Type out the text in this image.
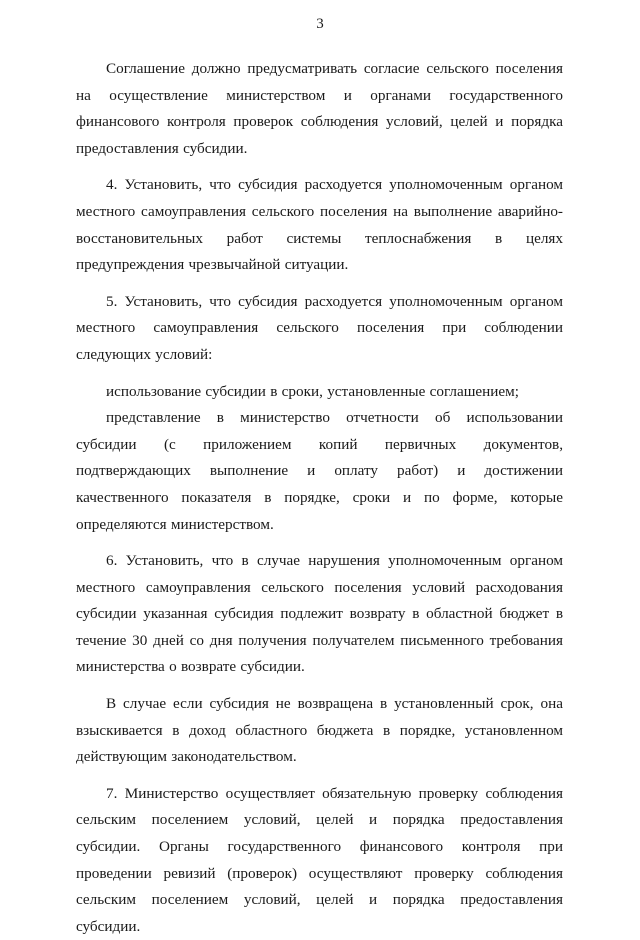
3

Соглашение должно предусматривать согласие сельского поселения на осуществление министерством и органами государственного финансового контроля проверок соблюдения условий, целей и порядка предоставления субсидии.

4. Установить, что субсидия расходуется уполномоченным органом местного самоуправления сельского поселения на выполнение аварийно-восстановительных работ системы теплоснабжения в целях предупреждения чрезвычайной ситуации.

5. Установить, что субсидия расходуется уполномоченным органом местного самоуправления сельского поселения при соблюдении следующих условий:

использование субсидии в сроки, установленные соглашением;

представление в министерство отчетности об использовании субсидии (с приложением копий первичных документов, подтверждающих выполнение и оплату работ) и достижении качественного показателя в порядке, сроки и по форме, которые определяются министерством.

6. Установить, что в случае нарушения уполномоченным органом местного самоуправления сельского поселения условий расходования субсидии указанная субсидия подлежит возврату в областной бюджет в течение 30 дней со дня получения получателем письменного требования министерства о возврате субсидии.

В случае если субсидия не возвращена в установленный срок, она взыскивается в доход областного бюджета в порядке, установленном действующим законодательством.

7. Министерство осуществляет обязательную проверку соблюдения сельским поселением условий, целей и порядка предоставления субсидии. Органы государственного финансового контроля при проведении ревизий (проверок) осуществляют проверку соблюдения сельским поселением условий, целей и порядка предоставления субсидии.
